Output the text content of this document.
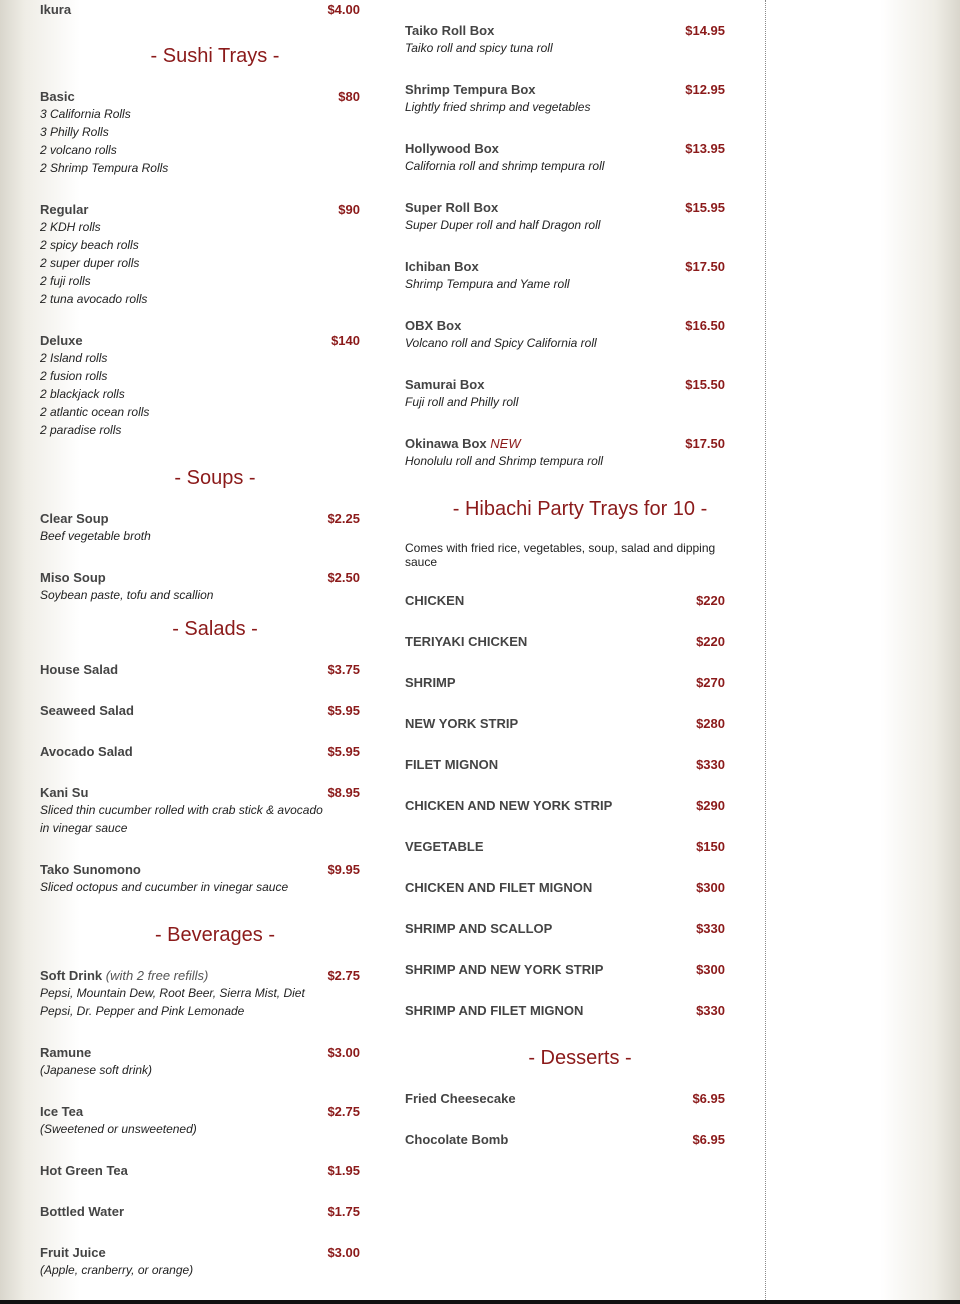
Ikura	$4.00
- Sushi Trays -
Basic	$80
3 California Rolls
3 Philly Rolls
2 volcano rolls
2 Shrimp Tempura Rolls
Regular	$90
2 KDH rolls
2 spicy beach rolls
2 super duper rolls
2 fuji rolls
2 tuna avocado rolls
Deluxe	$140
2 Island rolls
2 fusion rolls
2 blackjack rolls
2 atlantic ocean rolls
2 paradise rolls
- Soups -
Clear Soup	$2.25
Beef vegetable broth
Miso Soup	$2.50
Soybean paste, tofu and scallion
- Salads -
House Salad	$3.75
Seaweed Salad	$5.95
Avocado Salad	$5.95
Kani Su	$8.95
Sliced thin cucumber rolled with crab stick & avocado in vinegar sauce
Tako Sunomono	$9.95
Sliced octopus and cucumber in vinegar sauce
- Beverages -
Soft Drink (with 2 free refills)	$2.75
Pepsi, Mountain Dew, Root Beer, Sierra Mist, Diet Pepsi, Dr. Pepper and Pink Lemonade
Ramune	$3.00
(Japanese soft drink)
Ice Tea	$2.75
(Sweetened or unsweetened)
Hot Green Tea	$1.95
Bottled Water	$1.75
Fruit Juice	$3.00
(Apple, cranberry, or orange)
Taiko Roll Box	$14.95
Taiko roll and spicy tuna roll
Shrimp Tempura Box	$12.95
Lightly fried shrimp and vegetables
Hollywood Box	$13.95
California roll and shrimp tempura roll
Super Roll Box	$15.95
Super Duper roll and half Dragon roll
Ichiban Box	$17.50
Shrimp Tempura and Yame roll
OBX Box	$16.50
Volcano roll and Spicy California roll
Samurai Box	$15.50
Fuji roll and Philly roll
Okinawa Box NEW	$17.50
Honolulu roll and Shrimp tempura roll
- Hibachi Party Trays for 10 -
Comes with fried rice, vegetables, soup, salad and dipping sauce
CHICKEN	$220
TERIYAKI CHICKEN	$220
SHRIMP	$270
NEW YORK STRIP	$280
FILET MIGNON	$330
CHICKEN AND NEW YORK STRIP	$290
VEGETABLE	$150
CHICKEN AND FILET MIGNON	$300
SHRIMP AND SCALLOP	$330
SHRIMP AND NEW YORK STRIP	$300
SHRIMP AND FILET MIGNON	$330
- Desserts -
Fried Cheesecake	$6.95
Chocolate Bomb	$6.95
